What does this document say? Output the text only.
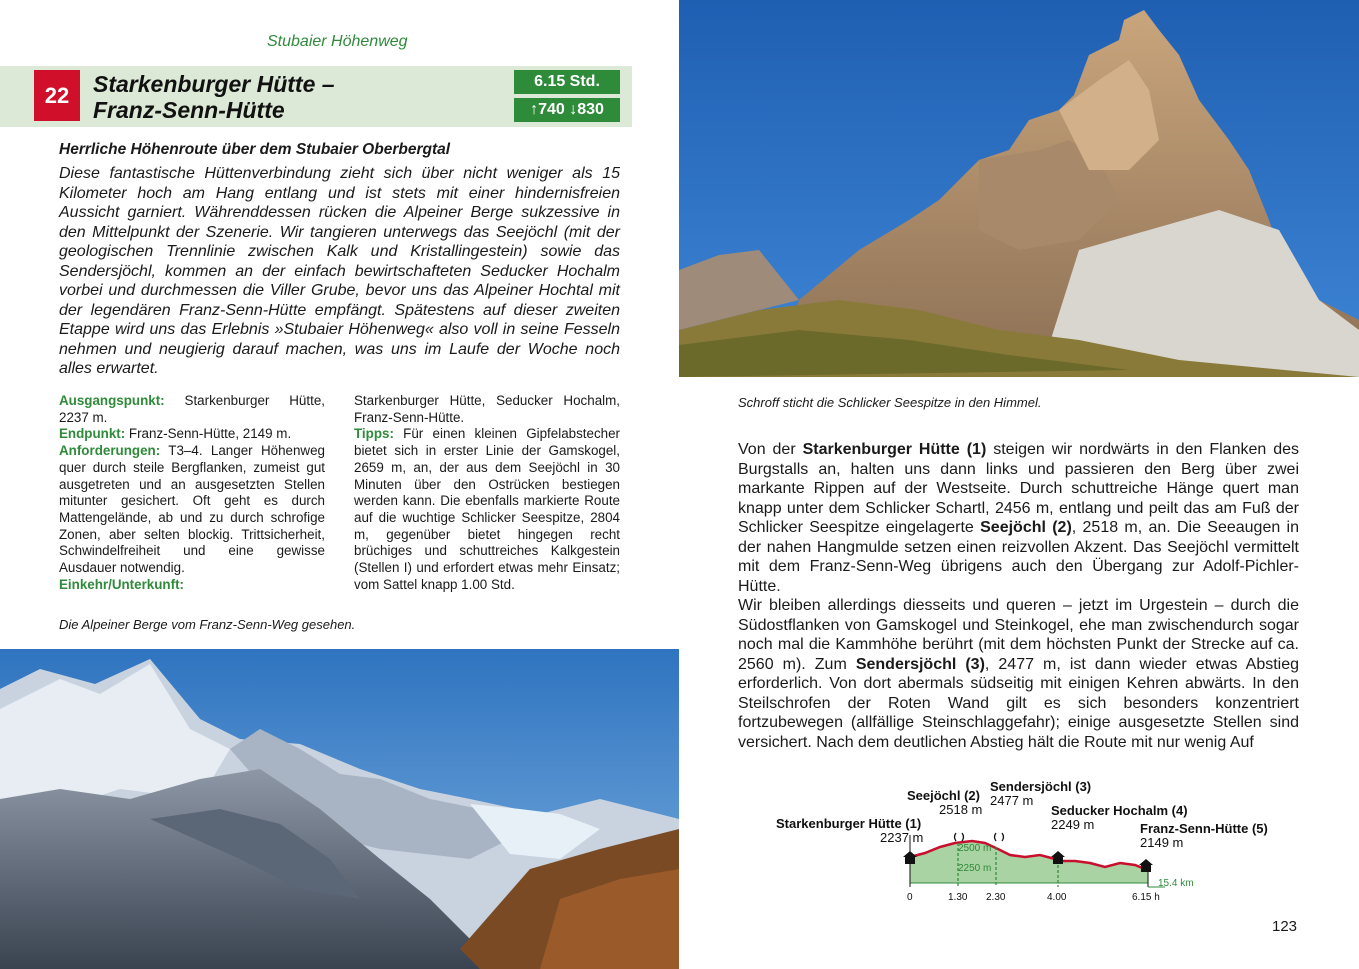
Stubaier Höhenweg
22	Starkenburger Hütte –
Franz-Senn-Hütte
6.15 Std.
↑740 ↓830
Herrliche Höhenroute über dem Stubaier Oberbergtal
Diese fantastische Hüttenverbindung zieht sich über nicht weniger als 15 Kilometer hoch am Hang entlang und ist stets mit einer hindernisfreien Aussicht garniert. Währenddessen rücken die Alpeiner Berge sukzessive in den Mittelpunkt der Szenerie. Wir tangieren unterwegs das Seejöchl (mit der geologischen Trennlinie zwischen Kalk und Kristallingestein) sowie das Sendersjöchl, kommen an der einfach bewirtschafteten Seducker Hochalm vorbei und durchmessen die Viller Grube, bevor uns das Alpeiner Hochtal mit der legendären Franz-Senn-Hütte empfängt. Spätestens auf dieser zweiten Etappe wird uns das Erlebnis »Stubaier Höhenweg« also voll in seine Fesseln nehmen und neugierig darauf machen, was uns im Laufe der Woche noch alles erwartet.
Ausgangspunkt: Starkenburger Hütte, 2237 m.
Endpunkt: Franz-Senn-Hütte, 2149 m.
Anforderungen: T3–4. Langer Höhenweg quer durch steile Bergflanken, zumeist gut ausgetreten und an ausgesetzten Stellen mitunter gesichert. Oft geht es durch Mattengelände, ab und zu durch schrofige Zonen, aber selten blockig. Trittsicherheit, Schwindelfreiheit und eine gewisse Ausdauer notwendig.
Einkehr/Unterkunft:
Starkenburger Hütte, Seducker Hochalm, Franz-Senn-Hütte.
Tipps: Für einen kleinen Gipfelabstecher bietet sich in erster Linie der Gamskogel, 2659 m, an, der aus dem Seejöchl in 30 Minuten über den Ostrücken bestiegen werden kann. Die ebenfalls markierte Route auf die wuchtige Schlicker Seespitze, 2804 m, gegenüber bietet hingegen recht brüchiges und schuttreiches Kalkgestein (Stellen I) und erfordert etwas mehr Einsatz; vom Sattel knapp 1.00 Std.
Die Alpeiner Berge vom Franz-Senn-Weg gesehen.
Schroff sticht die Schlicker Seespitze in den Himmel.
Von der Starkenburger Hütte (1) steigen wir nordwärts in den Flanken des Burgstalls an, halten uns dann links und passieren den Berg über zwei markante Rippen auf der Westseite. Durch schuttreiche Hänge quert man knapp unter dem Schlicker Schartl, 2456 m, entlang und peilt das am Fuß der Schlicker Seespitze eingelagerte Seejöchl (2), 2518 m, an. Die Seeaugen in der nahen Hangmulde setzen einen reizvollen Akzent. Das Seejöchl vermittelt mit dem Franz-Senn-Weg übrigens auch den Übergang zur Adolf-Pichler-Hütte.
Wir bleiben allerdings diesseits und queren – jetzt im Urgestein – durch die Südostflanken von Gamskogel und Steinkogel, ehe man zwischendurch sogar noch mal die Kammhöhe berührt (mit dem höchsten Punkt der Strecke auf ca. 2560 m). Zum Sendersjöchl (3), 2477 m, ist dann wieder etwas Abstieg erforderlich. Von dort abermals südseitig mit einigen Kehren abwärts. In den Steilschrofen der Roten Wand gilt es sich besonders konzentriert fortzubewegen (allfällige Steinschlaggefahr); einige ausgesetzte Stellen sind versichert. Nach dem deutlichen Abstieg hält die Route mit nur wenig Auf
Starkenburger Hütte (1)
2237 m
Seejöchl (2)
2518 m
Sendersjöchl (3)
2477 m
Seducker Hochalm (4)
2249 m	Franz-Senn-Hütte (5)
2149 m
2500 m
2250 m
15.4 km
0	1.30 2.30	4.00	6.15 h
123
